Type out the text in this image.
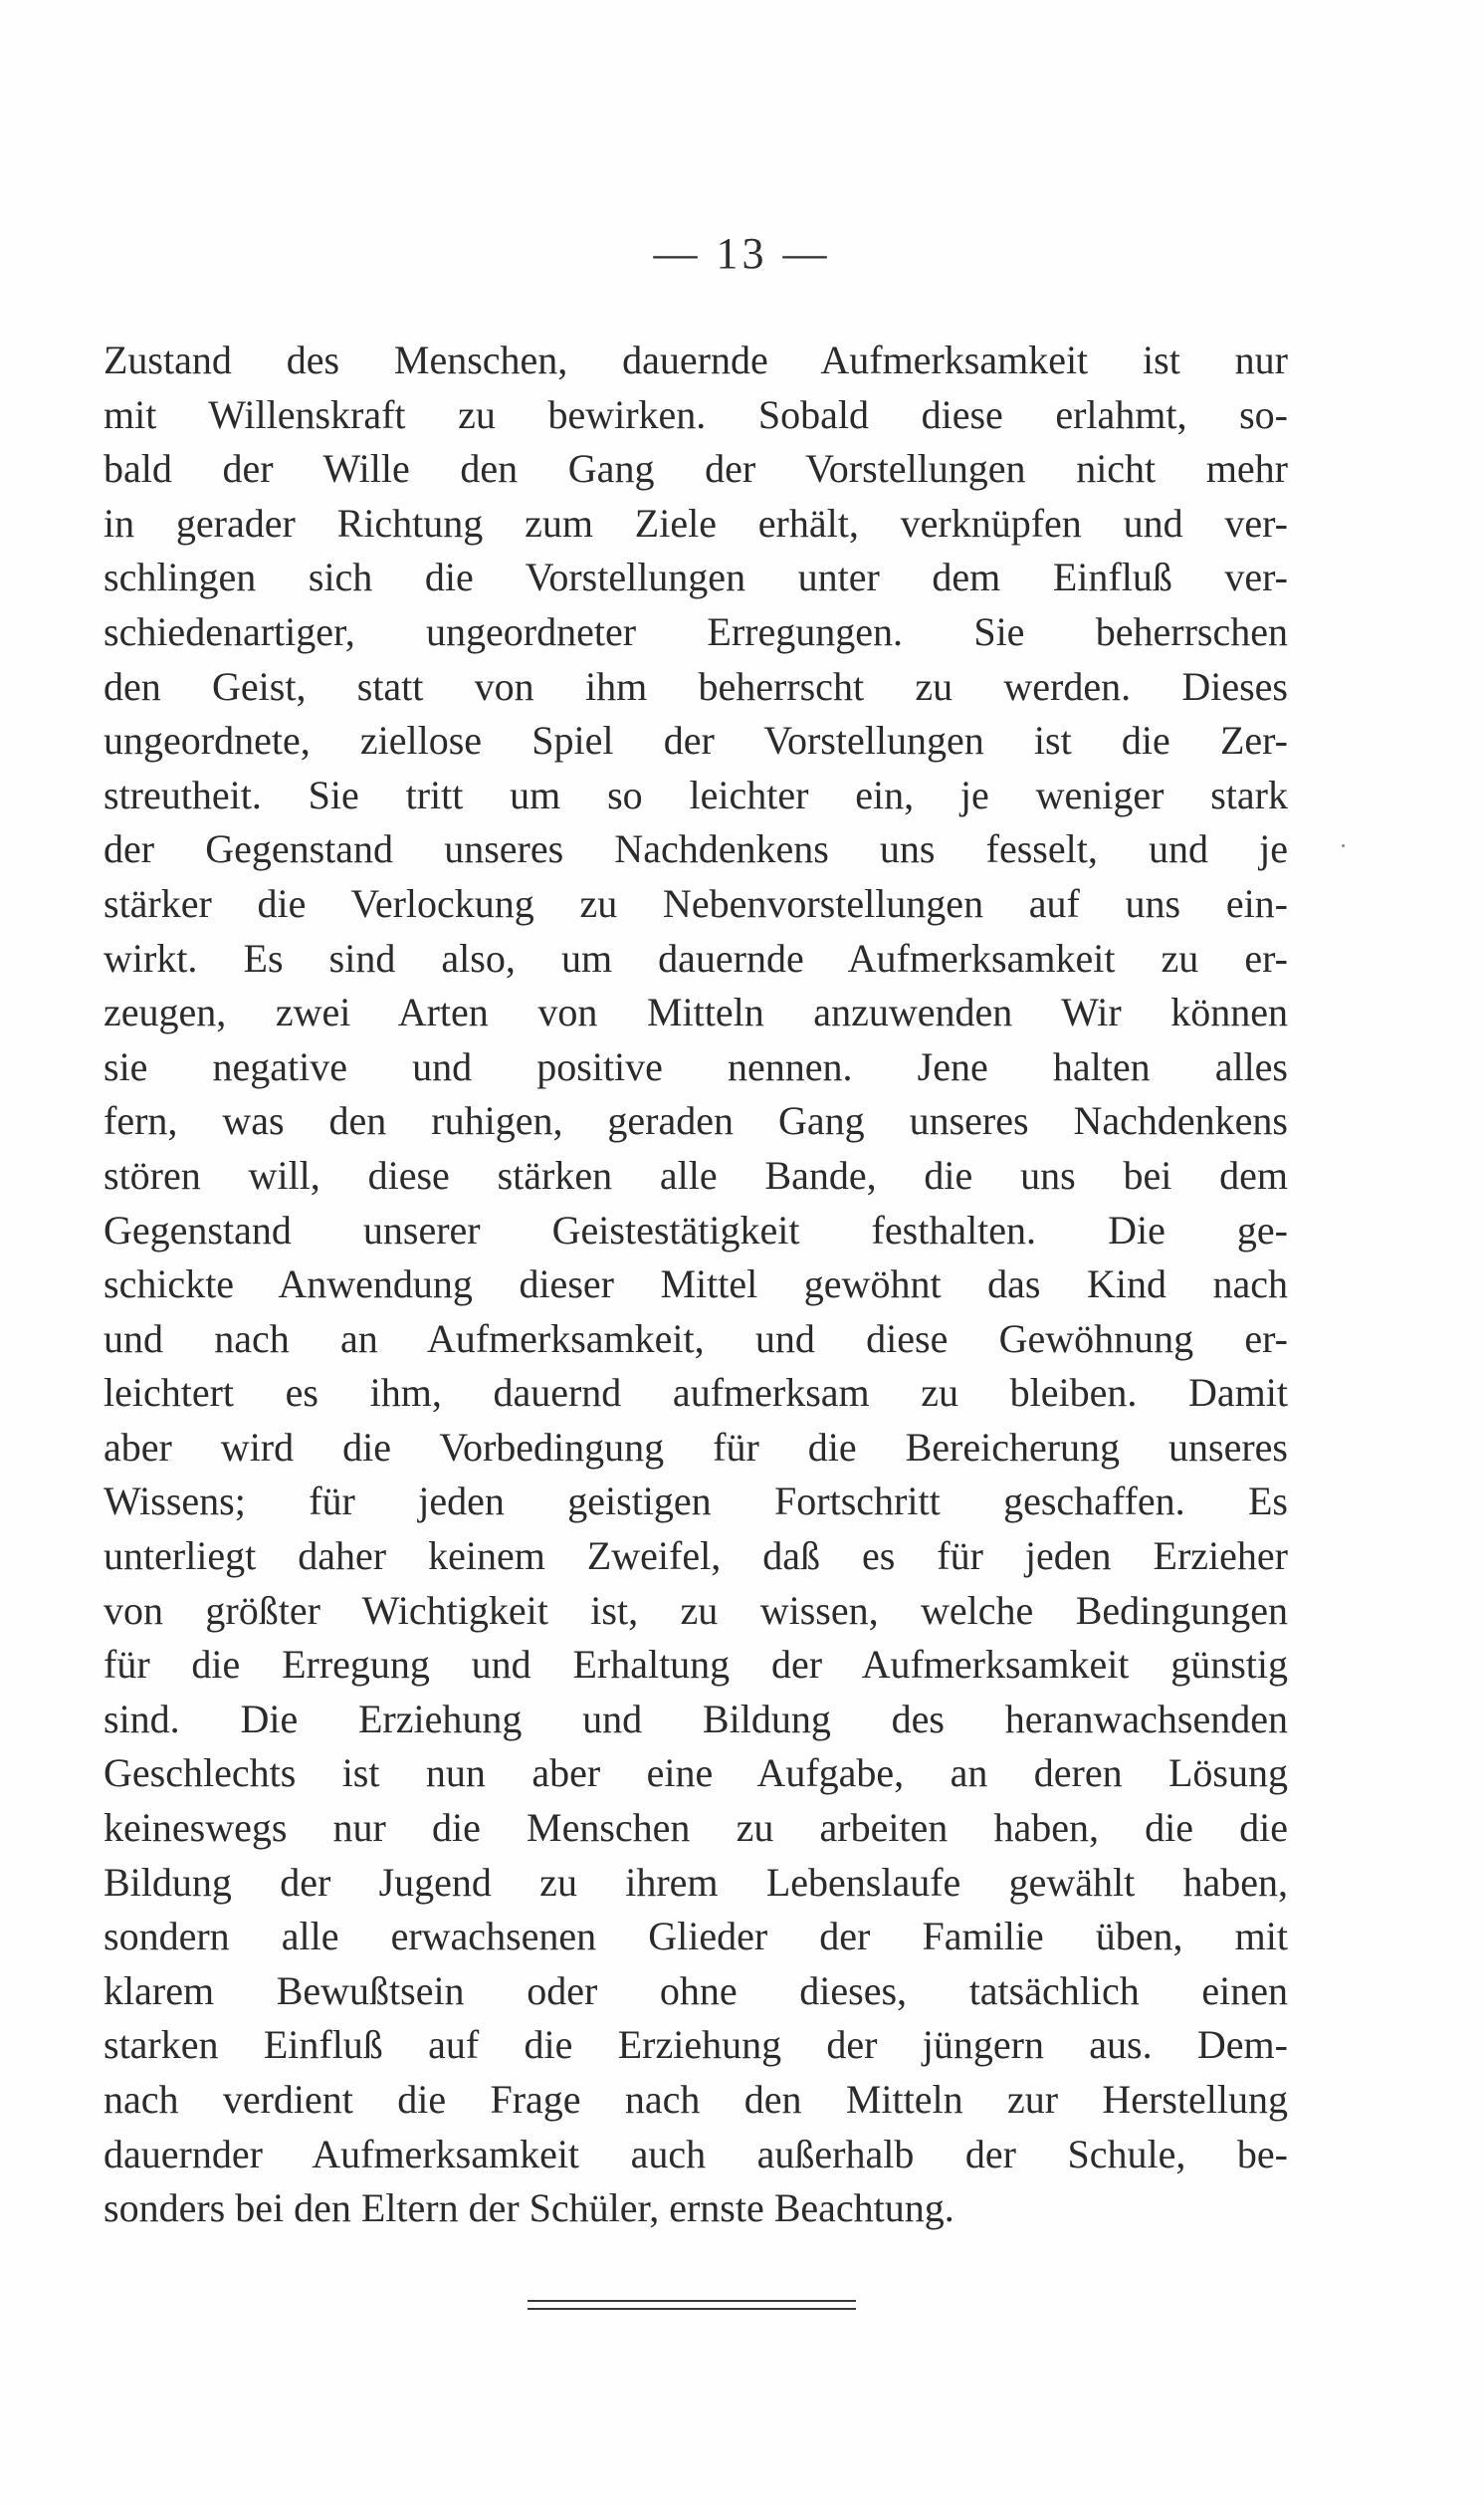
— 13 —
Zustand des Menschen, dauernde Aufmerksamkeit ist nur
mit Willenskraft zu bewirken. Sobald diese erlahmt, so-
bald der Wille den Gang der Vorstellungen nicht mehr
in gerader Richtung zum Ziele erhält, verknüpfen und ver-
schlingen sich die Vorstellungen unter dem Einfluß ver-
schiedenartiger, ungeordneter Erregungen. Sie beherrschen
den Geist, statt von ihm beherrscht zu werden. Dieses
ungeordnete, ziellose Spiel der Vorstellungen ist die Zer-
streutheit. Sie tritt um so leichter ein, je weniger stark
der Gegenstand unseres Nachdenkens uns fesselt, und je
stärker die Verlockung zu Nebenvorstellungen auf uns ein-
wirkt. Es sind also, um dauernde Aufmerksamkeit zu er-
zeugen, zwei Arten von Mitteln anzuwenden Wir können
sie negative und positive nennen. Jene halten alles
fern, was den ruhigen, geraden Gang unseres Nachdenkens
stören will, diese stärken alle Bande, die uns bei dem
Gegenstand unserer Geistestätigkeit festhalten. Die ge-
schickte Anwendung dieser Mittel gewöhnt das Kind nach
und nach an Aufmerksamkeit, und diese Gewöhnung er-
leichtert es ihm, dauernd aufmerksam zu bleiben. Damit
aber wird die Vorbedingung für die Bereicherung unseres
Wissens; für jeden geistigen Fortschritt geschaffen. Es
unterliegt daher keinem Zweifel, daß es für jeden Erzieher
von größter Wichtigkeit ist, zu wissen, welche Bedingungen
für die Erregung und Erhaltung der Aufmerksamkeit günstig
sind. Die Erziehung und Bildung des heranwachsenden
Geschlechts ist nun aber eine Aufgabe, an deren Lösung
keineswegs nur die Menschen zu arbeiten haben, die die
Bildung der Jugend zu ihrem Lebenslaufe gewählt haben,
sondern alle erwachsenen Glieder der Familie üben, mit
klarem Bewußtsein oder ohne dieses, tatsächlich einen
starken Einfluß auf die Erziehung der jüngern aus. Dem-
nach verdient die Frage nach den Mitteln zur Herstellung
dauernder Aufmerksamkeit auch außerhalb der Schule, be-
sonders bei den Eltern der Schüler, ernste Beachtung.
